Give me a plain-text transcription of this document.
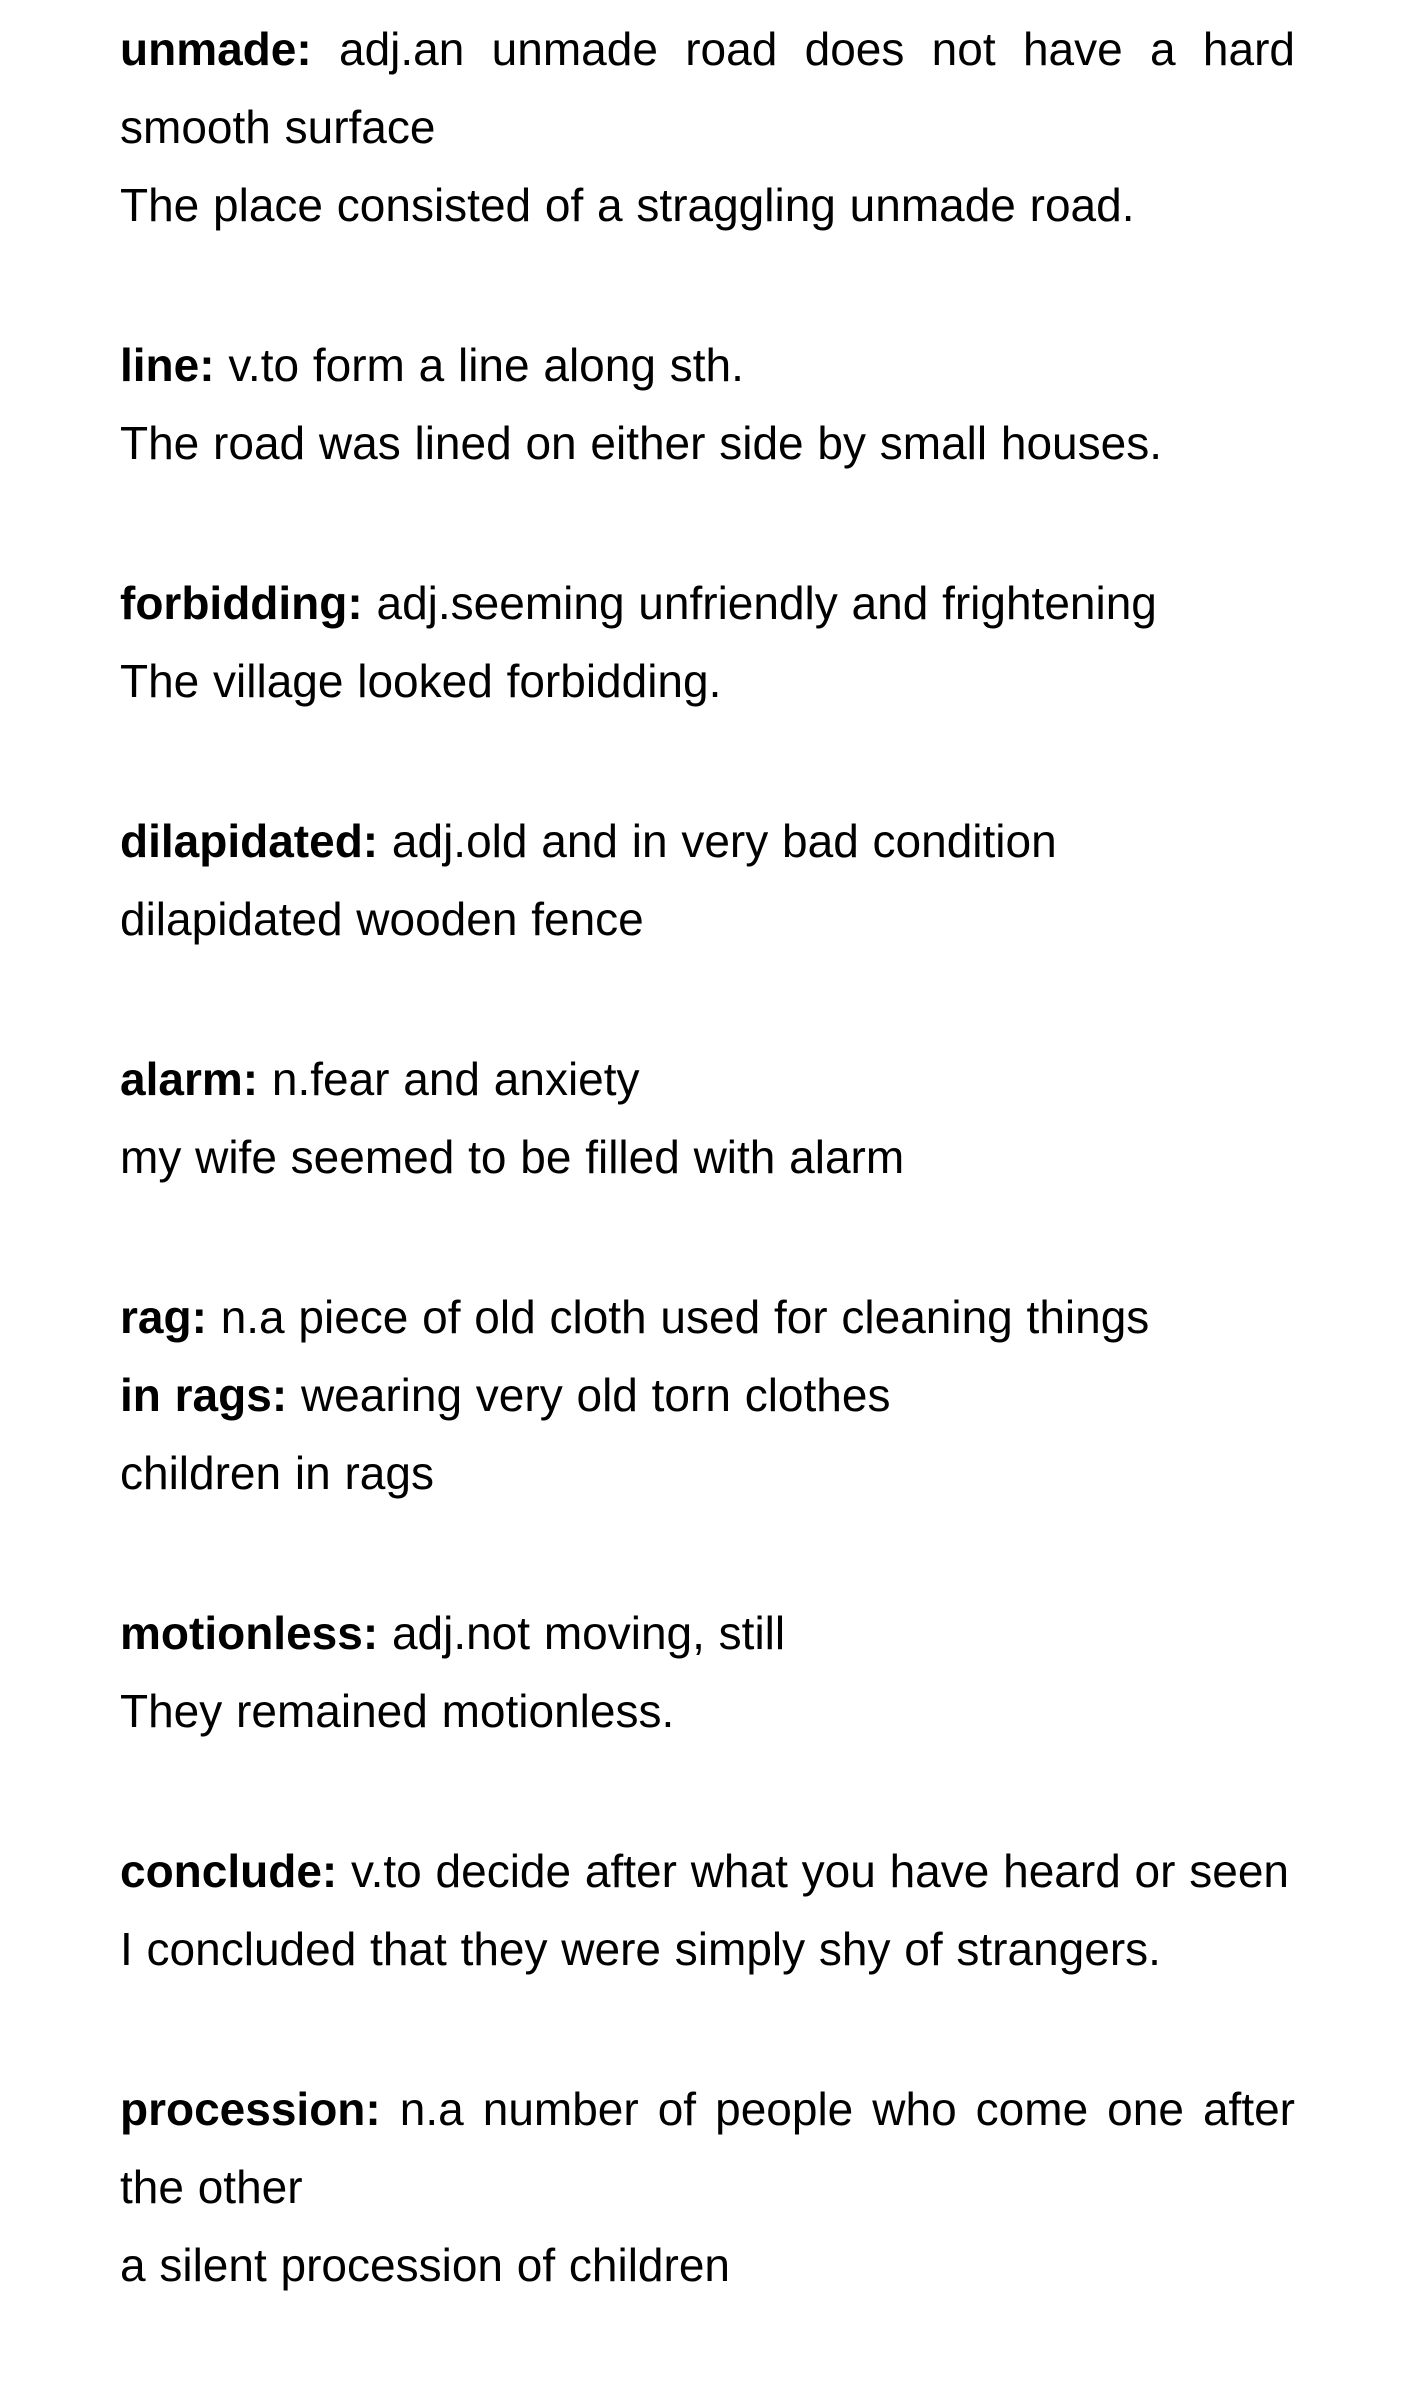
unmade: adj.an unmade road does not have a hard smooth surface
The place consisted of a straggling unmade road.

line: v.to form a line along sth.
The road was lined on either side by small houses.

forbidding: adj.seeming unfriendly and frightening
The village looked forbidding.

dilapidated: adj.old and in very bad condition
dilapidated wooden fence

alarm: n.fear and anxiety
my wife seemed to be filled with alarm

rag: n.a piece of old cloth used for cleaning things
in rags: wearing very old torn clothes
children in rags

motionless: adj.not moving, still
They remained motionless.

conclude: v.to decide after what you have heard or seen
I concluded that they were simply shy of strangers.

procession: n.a number of people who come one after the other
a silent procession of children
